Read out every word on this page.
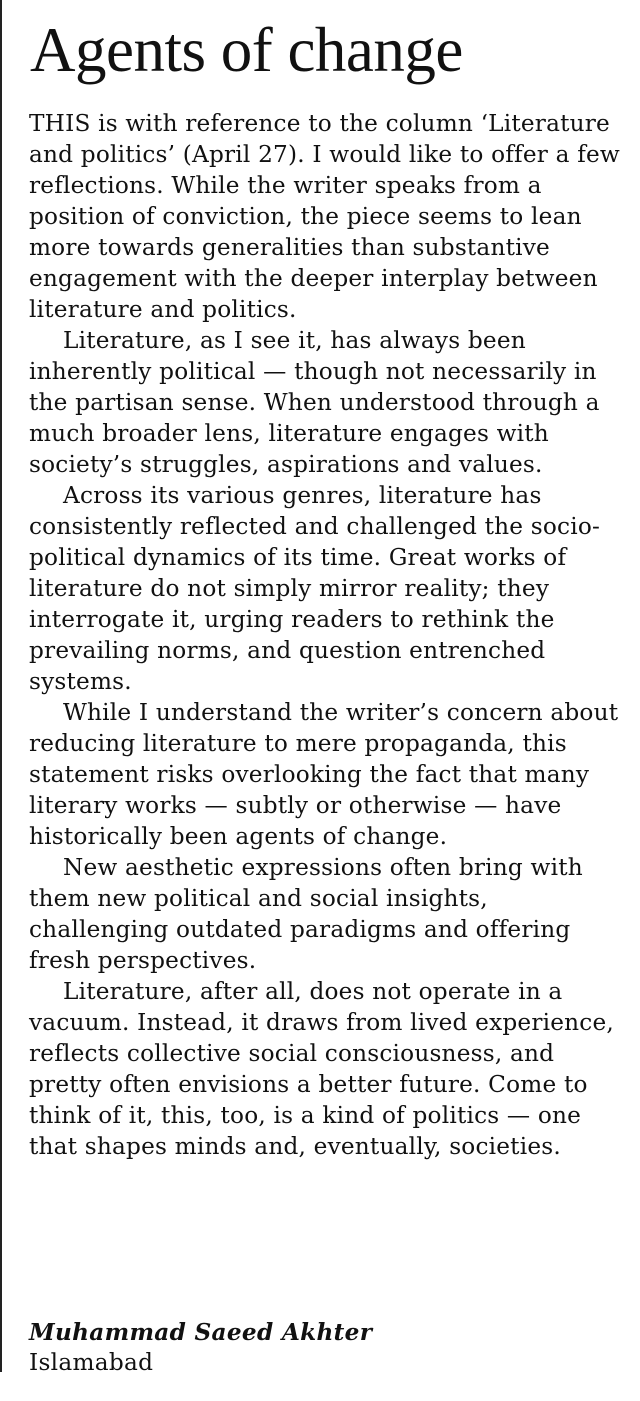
Agents of change

THIS is with reference to the column ‘Literature and politics’ (April 27). I would like to offer a few reflections. While the writer speaks from a position of conviction, the piece seems to lean more towards generalities than substantive engagement with the deeper interplay between literature and politics.

Literature, as I see it, has always been inherently political — though not necessarily in the partisan sense. When understood through a much broader lens, literature engages with society’s struggles, aspirations and values.

Across its various genres, literature has consistently reflected and challenged the socio-political dynamics of its time. Great works of literature do not simply mirror reality; they interrogate it, urging readers to rethink the prevailing norms, and question entrenched systems.

While I understand the writer’s concern about reducing literature to mere propaganda, this statement risks overlooking the fact that many literary works — subtly or otherwise — have historically been agents of change.

New aesthetic expressions often bring with them new political and social insights, challenging outdated paradigms and offering fresh perspectives.

Literature, after all, does not operate in a vacuum. Instead, it draws from lived experience, reflects collective social consciousness, and pretty often envisions a better future. Come to think of it, this, too, is a kind of politics — one that shapes minds and, eventually, societies.

Muhammad Saeed Akhter
Islamabad
